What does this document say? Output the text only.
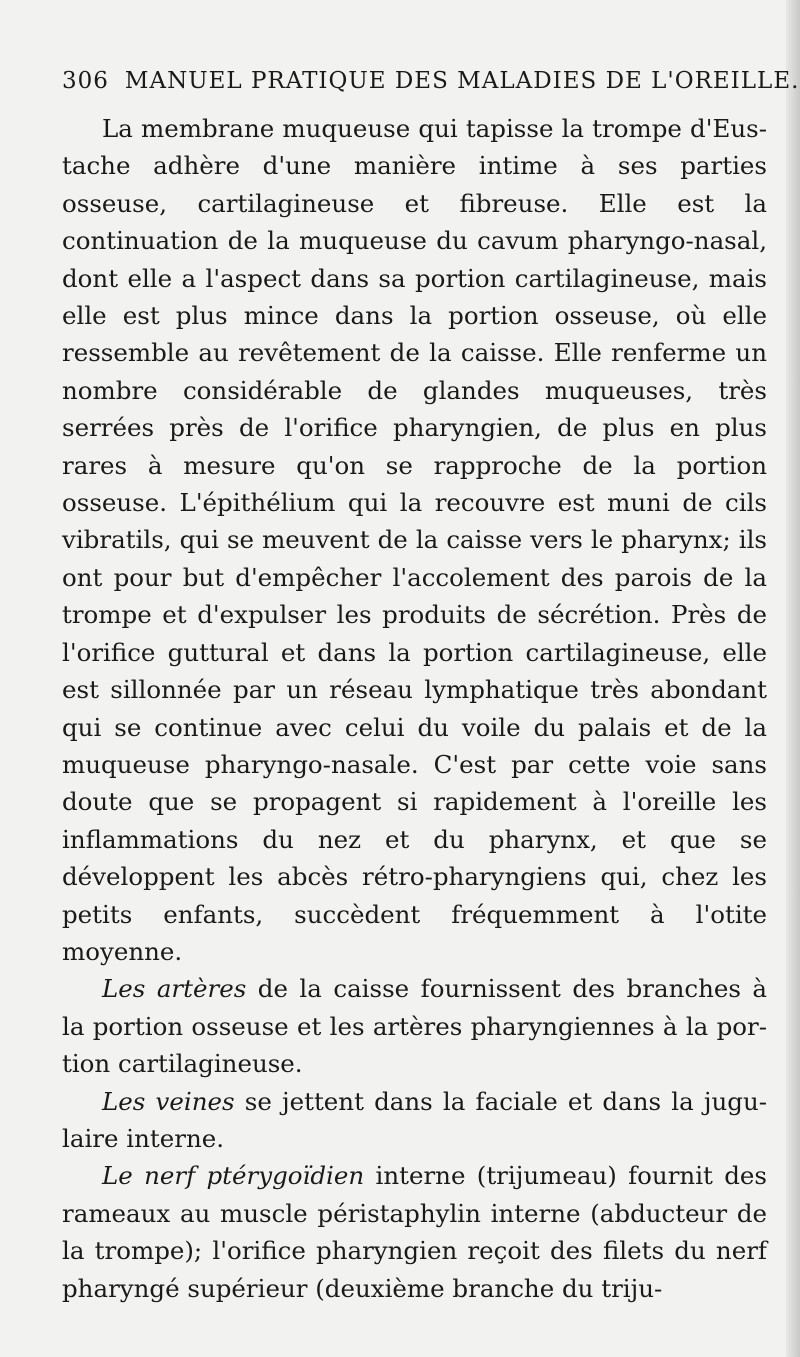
306 MANUEL PRATIQUE DES MALADIES DE L'OREILLE.

La membrane muqueuse qui tapisse la trompe d'Eustache adhère d'une manière intime à ses parties osseuse, cartilagineuse et fibreuse. Elle est la continuation de la muqueuse du cavum pharyngo-nasal, dont elle a l'aspect dans sa portion cartilagineuse, mais elle est plus mince dans la portion osseuse, où elle ressemble au revêtement de la caisse. Elle renferme un nombre considérable de glandes muqueuses, très serrées près de l'orifice pharyngien, de plus en plus rares à mesure qu'on se rapproche de la portion osseuse. L'épithélium qui la recouvre est muni de cils vibratils, qui se meuvent de la caisse vers le pharynx; ils ont pour but d'empêcher l'accolement des parois de la trompe et d'expulser les produits de sécrétion. Près de l'orifice guttural et dans la portion cartilagineuse, elle est sillonnée par un réseau lymphatique très abondant qui se continue avec celui du voile du palais et de la muqueuse pharyngo-nasale. C'est par cette voie sans doute que se propagent si rapidement à l'oreille les inflammations du nez et du pharynx, et que se développent les abcès rétro-pharyngiens qui, chez les petits enfants, succèdent fréquemment à l'otite moyenne.

Les artères de la caisse fournissent des branches à la portion osseuse et les artères pharyngiennes à la portion cartilagineuse.

Les veines se jettent dans la faciale et dans la jugulaire interne.

Le nerf ptérygoïdien interne (trijumeau) fournit des rameaux au muscle péristaphylin interne (abducteur de la trompe); l'orifice pharyngien reçoit des filets du nerf pharyngé supérieur (deuxième branche du triju-
